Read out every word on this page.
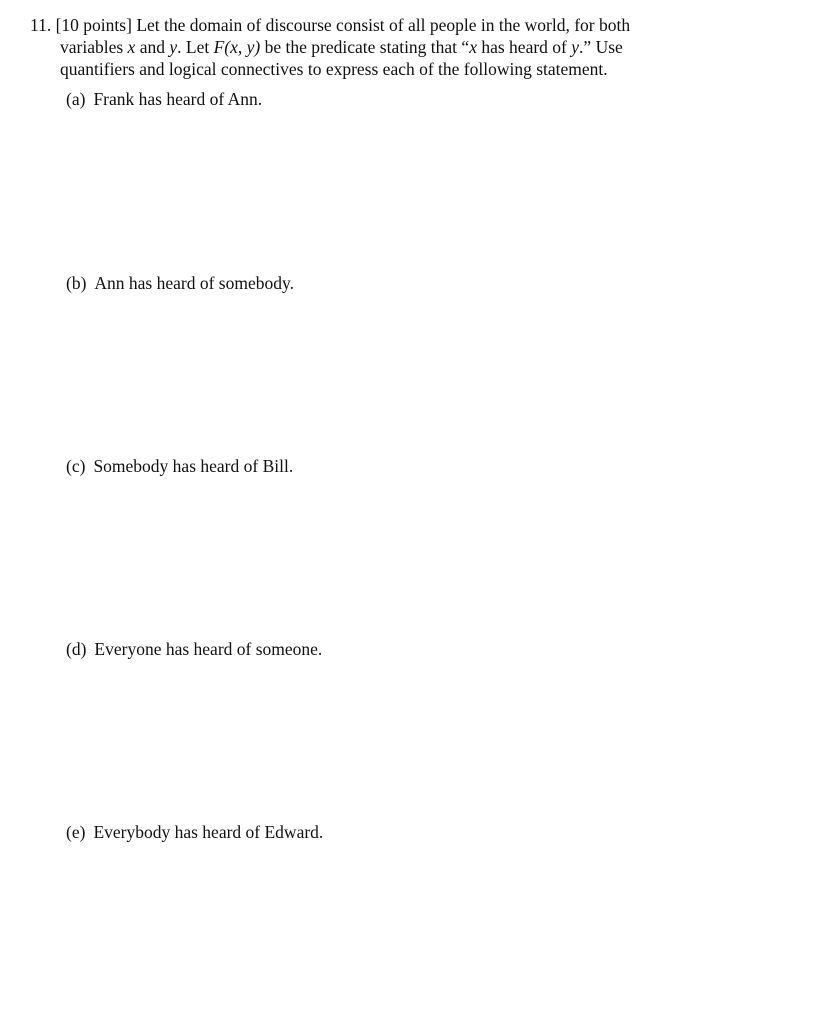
11. [10 points] Let the domain of discourse consist of all people in the world, for both
variables x and y. Let F(x, y) be the predicate stating that “x has heard of y.” Use
quantifiers and logical connectives to express each of the following statement.
(a) Frank has heard of Ann.
(b) Ann has heard of somebody.
(c) Somebody has heard of Bill.
(d) Everyone has heard of someone.
(e) Everybody has heard of Edward.
